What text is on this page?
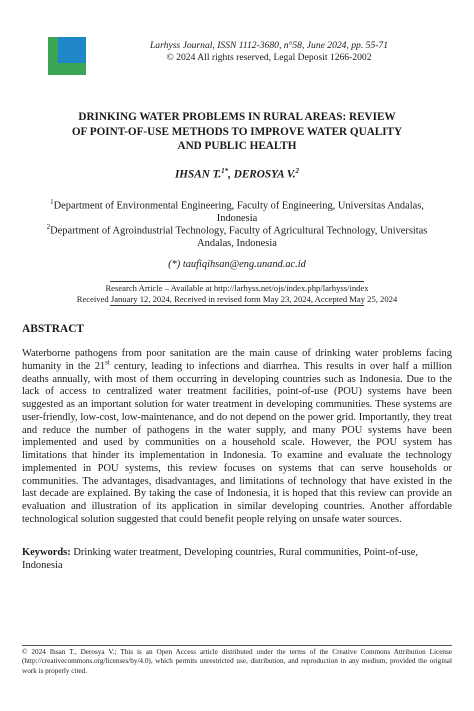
Larhyss Journal, ISSN 1112-3680, n°58, June 2024, pp. 55-71
© 2024 All rights reserved, Legal Deposit 1266-2002
DRINKING WATER PROBLEMS IN RURAL AREAS: REVIEW OF POINT-OF-USE METHODS TO IMPROVE WATER QUALITY AND PUBLIC HEALTH
IHSAN T.$^{1*}$, DEROSYA V.$^2$
$^1$Department of Environmental Engineering, Faculty of Engineering, Universitas Andalas, Indonesia
$^2$Department of Agroindustrial Technology, Faculty of Agricultural Technology, Universitas Andalas, Indonesia
(*) taufiqihsan@eng.unand.ac.id
Research Article – Available at http://larhyss.net/ojs/index.php/larhyss/index
Received January 12, 2024, Received in revised form May 23, 2024, Accepted May 25, 2024
ABSTRACT
Waterborne pathogens from poor sanitation are the main cause of drinking water problems facing humanity in the 21st century, leading to infections and diarrhea. This results in over half a million deaths annually, with most of them occurring in developing countries such as Indonesia. Due to the lack of access to centralized water treatment facilities, point-of-use (POU) systems have been suggested as an important solution for water treatment in developing communities. These systems are user-friendly, low-cost, low-maintenance, and do not depend on the power grid. Importantly, they treat and reduce the number of pathogens in the water supply, and many POU systems have been implemented and used by communities on a household scale. However, the POU system has limitations that hinder its implementation in Indonesia. To examine and evaluate the technology implemented in POU systems, this review focuses on systems that can serve households or communities. The advantages, disadvantages, and limitations of technology that have existed in the last decade are explained. By taking the case of Indonesia, it is hoped that this review can provide an evaluation and illustration of its application in similar developing countries. Another affordable technological solution suggested that could benefit people relying on unsafe water sources.
Keywords: Drinking water treatment, Developing countries, Rural communities, Point-of-use, Indonesia
© 2024 Ihsan T., Derosya V.; This is an Open Access article distributed under the terms of the Creative Commons Attribution License (http://creativecommons.org/licenses/by/4.0), which permits unrestricted use, distribution, and reproduction in any medium, provided the original work is properly cited.
